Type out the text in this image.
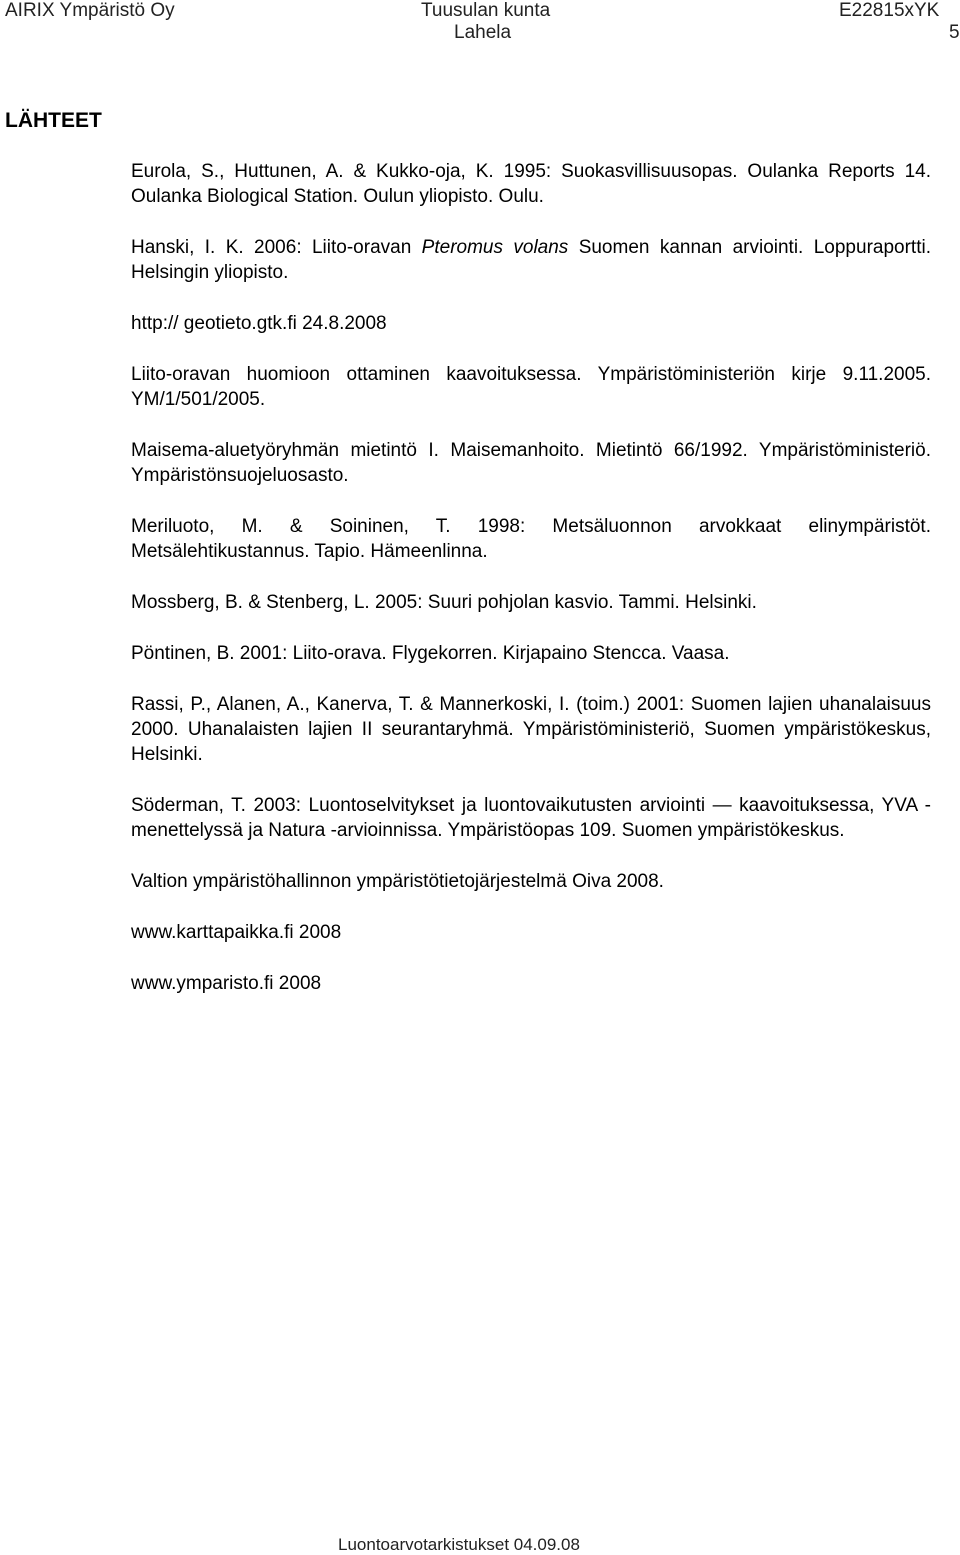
AIRIX Ympäristö Oy	Tuusulan kunta
Lahela
E22815xYK
5
LÄHTEET
Eurola, S., Huttunen, A. & Kukko-oja, K. 1995: Suokasvillisuusopas. Oulanka Reports 14. Oulanka Biological Station. Oulun yliopisto. Oulu.
Hanski, I. K. 2006: Liito-oravan Pteromus volans Suomen kannan arviointi. Loppuraportti. Helsingin yliopisto.
http:// geotieto.gtk.fi 24.8.2008
Liito-oravan huomioon ottaminen kaavoituksessa. Ympäristöministeriön kirje 9.11.2005. YM/1/501/2005.
Maisema-aluetyöryhmän mietintö I. Maisemanhoito. Mietintö 66/1992. Ympäristöministeriö. Ympäristönsuojeluosasto.
Meriluoto, M. & Soininen, T. 1998: Metsäluonnon arvokkaat elinympäristöt. Metsälehtikustannus. Tapio. Hämeenlinna.
Mossberg, B. & Stenberg, L. 2005: Suuri pohjolan kasvio. Tammi. Helsinki.
Pöntinen, B. 2001: Liito-orava. Flygekorren. Kirjapaino Stencca. Vaasa.
Rassi, P., Alanen, A., Kanerva, T. & Mannerkoski, I. (toim.) 2001: Suomen lajien uhanalaisuus 2000. Uhanalaisten lajien II seurantaryhmä. Ympäristöministeriö, Suomen ympäristökeskus, Helsinki.
Söderman, T. 2003: Luontoselvitykset ja luontovaikutusten arviointi — kaavoituksessa, YVA -menettelyssä ja Natura -arvioinnissa. Ympäristöopas 109. Suomen ympäristökeskus.
Valtion ympäristöhallinnon ympäristötietojärjestelmä Oiva 2008.
www.karttapaikka.fi 2008
www.ymparisto.fi 2008
Luontoarvotarkistukset 04.09.08
